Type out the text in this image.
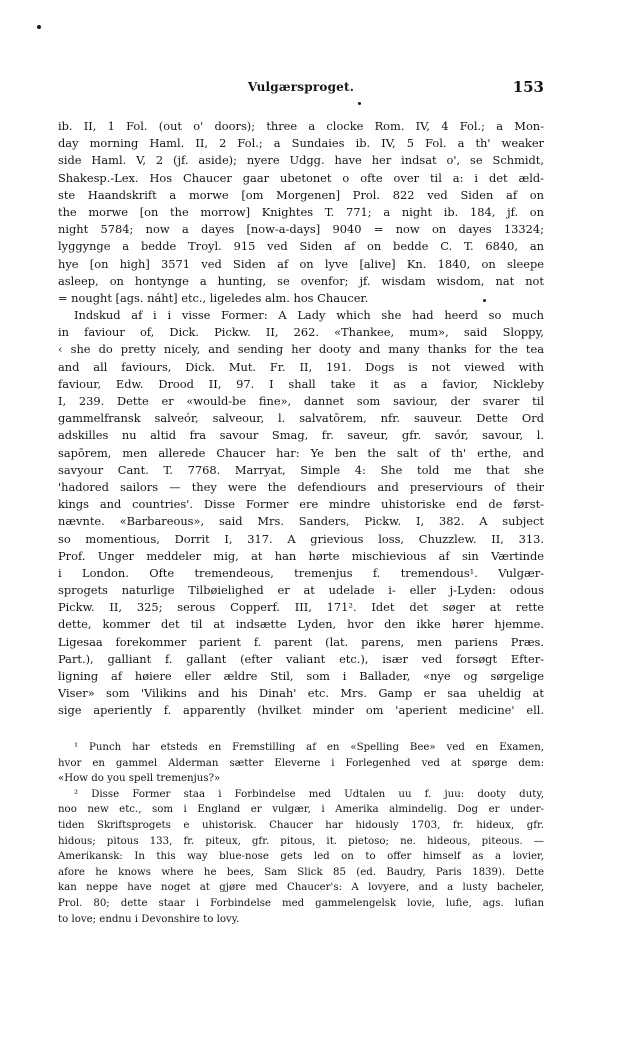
Vulgærsproget.	153
ib. II, 1 Fol. (out o' doors); three a clocke Rom. IV, 4 Fol.; a Mon-
day morning Haml. II, 2 Fol.; a Sundaies ib. IV, 5 Fol. a th' weaker
side Haml. V, 2 (jf. aside); nyere Udgg. have her indsat o', se Schmidt,
Shakesp.-Lex. Hos Chaucer gaar ubetonet o ofte over til a: i det æld-
ste Haandskrift a morwe [om Morgenen] Prol. 822 ved Siden af on
the morwe [on the morrow] Knightes T. 771; a night ib. 184, jf. on
night 5784; now a dayes [now-a-days] 9040 = now on dayes 13324;
lyggynge a bedde Troyl. 915 ved Siden af on bedde C. T. 6840, an
hye [on high] 3571 ved Siden af on lyve [alive] Kn. 1840, on sleepe
asleep, on hontynge a hunting, se ovenfor; jf. wisdam wisdom, nat not
= nought [ags. náht] etc., ligeledes alm. hos Chaucer.
Indskud af i i visse Former: A Lady which she had heerd so much
in faviour of, Dick. Pickw. II, 262. «Thankee, mum», said Sloppy,
‹ she do pretty nicely, and sending her dooty and many thanks for the tea
and all faviours, Dick. Mut. Fr. II, 191. Dogs is not viewed with
faviour, Edw. Drood II, 97. I shall take it as a favior, Nickleby
I, 239. Dette er «would-be fine», dannet som saviour, der svarer til
gammelfransk salveór, salveour, l. salvatōrem, nfr. sauveur. Dette Ord
adskilles nu altid fra savour Smag, fr. saveur, gfr. savór, savour, l.
sapōrem, men allerede Chaucer har: Ye ben the salt of th' erthe, and
savyour Cant. T. 7768. Marryat, Simple 4: She told me that she
'hadored sailors — they were the defendiours and preserviours of their
kings and countries'. Disse Former ere mindre uhistoriske end de først-
nævnte. «Barbareous», said Mrs. Sanders, Pickw. I, 382. A subject
so momentious, Dorrit I, 317. A grievious loss, Chuzzlew. II, 313.
Prof. Unger meddeler mig, at han hørte mischievious af sin Værtinde
i London. Ofte tremendeous, tremenjus f. tremendous¹. Vulgær-
sprogets naturlige Tilbøielighed er at udelade i- eller j-Lyden: odous
Pickw. II, 325; serous Copperf. III, 171². Idet det søger at rette
dette, kommer det til at indsætte Lyden, hvor den ikke hører hjemme.
Ligesaa forekommer parient f. parent (lat. parens, men pariens Præs.
Part.), galliant f. gallant (efter valiant etc.), især ved forsøgt Efter-
ligning af høiere eller ældre Stil, som i Ballader, «nye og sørgelige
Viser» som 'Vilikins and his Dinah' etc. Mrs. Gamp er saa uheldig at
sige aperiently f. apparently (hvilket minder om 'aperient medicine' ell.
¹ Punch har etsteds en Fremstilling af en «Spelling Bee» ved en Examen,
hvor en gammel Alderman sætter Eleverne i Forlegenhed ved at spørge dem:
«How do you spell tremenjus?»
² Disse Former staa i Forbindelse med Udtalen uu f. juu: dooty duty,
noo new etc., som i England er vulgær, i Amerika almindelig. Dog er under-
tiden Skriftsprogets e uhistorisk. Chaucer har hidously 1703, fr. hideux, gfr.
hidous; pitous 133, fr. piteux, gfr. pitous, it. pietoso; ne. hideous, piteous. —
Amerikansk: In this way blue-nose gets led on to offer himself as a lovier,
afore he knows where he bees, Sam Slick 85 (ed. Baudry, Paris 1839). Dette
kan neppe have noget at gjøre med Chaucer's: A lovyere, and a lusty bacheler,
Prol. 80; dette staar i Forbindelse med gammelengelsk lovie, lufie, ags. lufian
to love; endnu i Devonshire to lovy.
